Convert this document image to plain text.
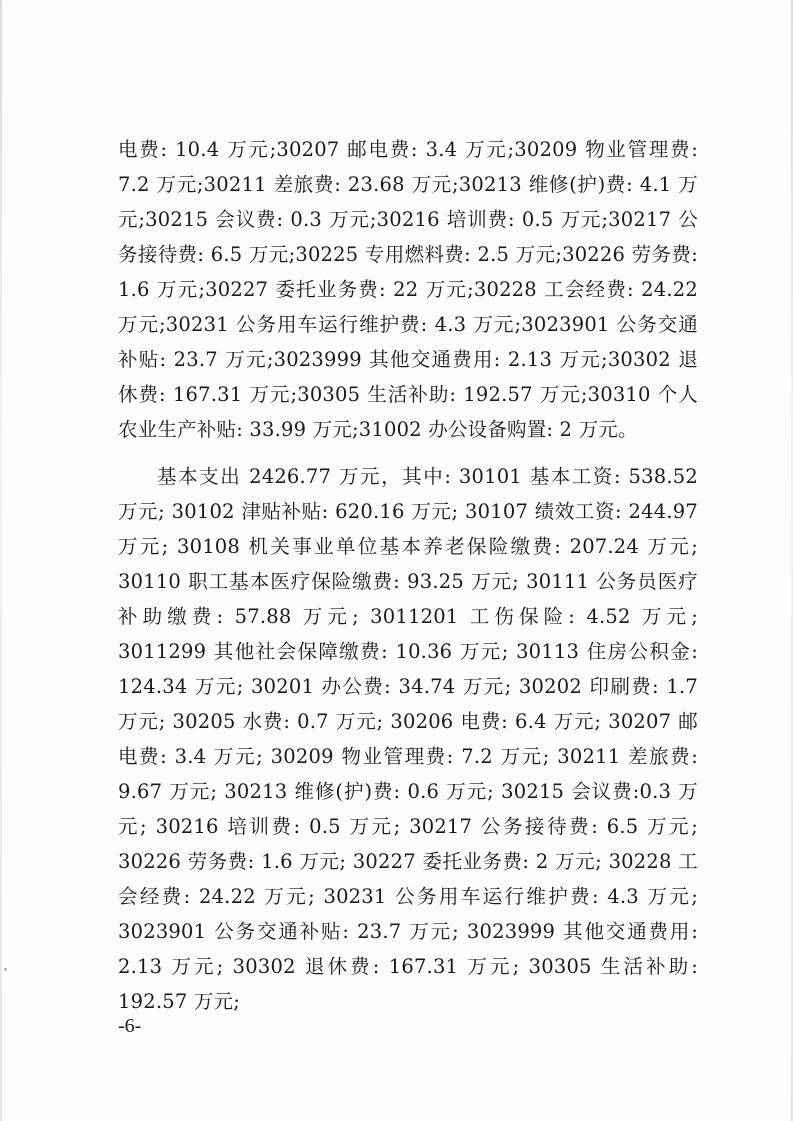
电费: 10.4 万元;30207 邮电费: 3.4 万元;30209 物业管理费: 7.2 万元;30211 差旅费: 23.68 万元;30213 维修(护)费: 4.1 万元;30215 会议费: 0.3 万元;30216 培训费: 0.5 万元;30217 公务接待费: 6.5 万元;30225 专用燃料费: 2.5 万元;30226 劳务费: 1.6 万元;30227 委托业务费: 22 万元;30228 工会经费: 24.22 万元;30231 公务用车运行维护费: 4.3 万元;3023901 公务交通补贴: 23.7 万元;3023999 其他交通费用: 2.13 万元;30302 退休费: 167.31 万元;30305 生活补助: 192.57 万元;30310 个人农业生产补贴: 33.99 万元;31002 办公设备购置: 2 万元。

基本支出 2426.77 万元，其中: 30101 基本工资: 538.52 万元; 30102 津贴补贴: 620.16 万元; 30107 绩效工资: 244.97 万元; 30108 机关事业单位基本养老保险缴费: 207.24 万元; 30110 职工基本医疗保险缴费: 93.25 万元; 30111 公务员医疗补助缴费: 57.88 万元; 3011201 工伤保险: 4.52 万元; 3011299 其他社会保障缴费: 10.36 万元; 30113 住房公积金: 124.34 万元; 30201 办公费: 34.74 万元; 30202 印刷费: 1.7 万元; 30205 水费: 0.7 万元; 30206 电费: 6.4 万元; 30207 邮电费: 3.4 万元; 30209 物业管理费: 7.2 万元; 30211 差旅费: 9.67 万元; 30213 维修(护)费: 0.6 万元; 30215 会议费:0.3 万元; 30216 培训费: 0.5 万元; 30217 公务接待费: 6.5 万元; 30226 劳务费: 1.6 万元; 30227 委托业务费: 2 万元; 30228 工会经费: 24.22 万元; 30231 公务用车运行维护费: 4.3 万元; 3023901 公务交通补贴: 23.7 万元; 3023999 其他交通费用: 2.13 万元; 30302 退休费: 167.31 万元; 30305 生活补助: 192.57 万元;

-6-
